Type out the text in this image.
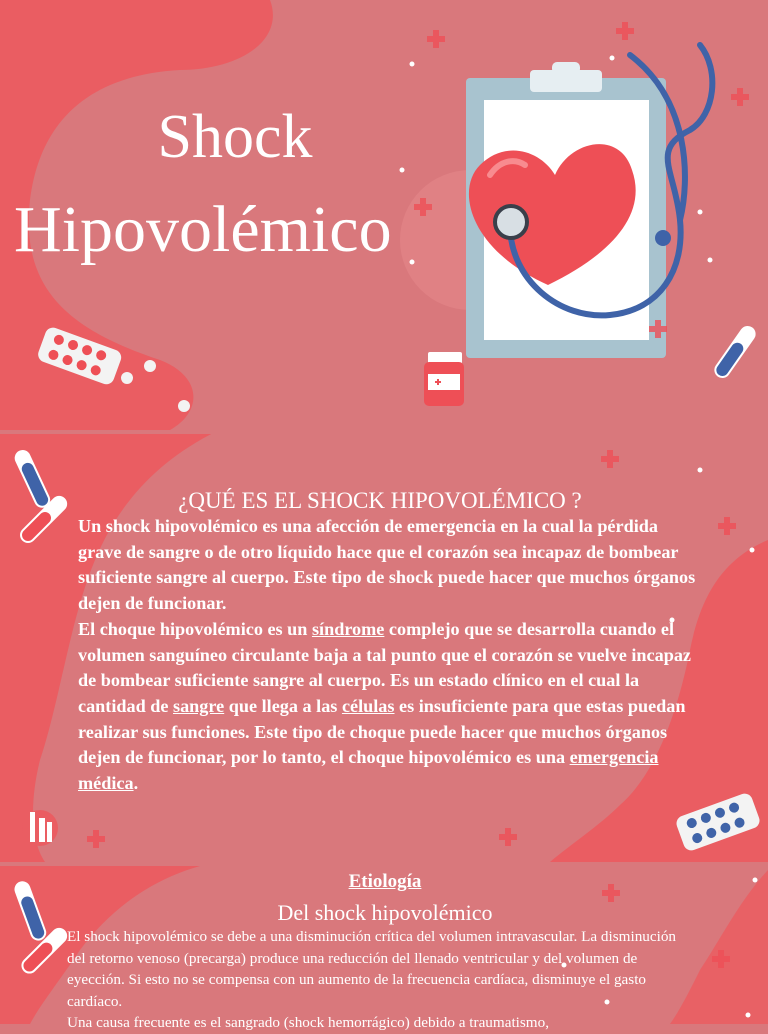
Shock
Hipovolémico
¿QUÉ ES EL SHOCK HIPOVOLÉMICO ?

Un shock hipovolémico es una afección de emergencia en la cual la pérdida grave de sangre o de otro líquido hace que el corazón sea incapaz de bombear suficiente sangre al cuerpo. Este tipo de shock puede hacer que muchos órganos dejen de funcionar.

El choque hipovolémico es un síndrome complejo que se desarrolla cuando el volumen sanguíneo circulante baja a tal punto que el corazón se vuelve incapaz de bombear suficiente sangre al cuerpo. Es un estado clínico en el cual la cantidad de sangre que llega a las células es insuficiente para que estas puedan realizar sus funciones. Este tipo de choque puede hacer que muchos órganos dejen de funcionar, por lo tanto, el choque hipovolémico es una emergencia médica.

Etiología
Del shock hipovolémico

El shock hipovolémico se debe a una disminución crítica del volumen intravascular. La disminución del retorno venoso (precarga) produce una reducción del llenado ventricular y del volumen de eyección. Si esto no se compensa con un aumento de la frecuencia cardíaca, disminuye el gasto cardíaco.

Una causa frecuente es el sangrado (shock hemorrágico) debido a traumatismo,
